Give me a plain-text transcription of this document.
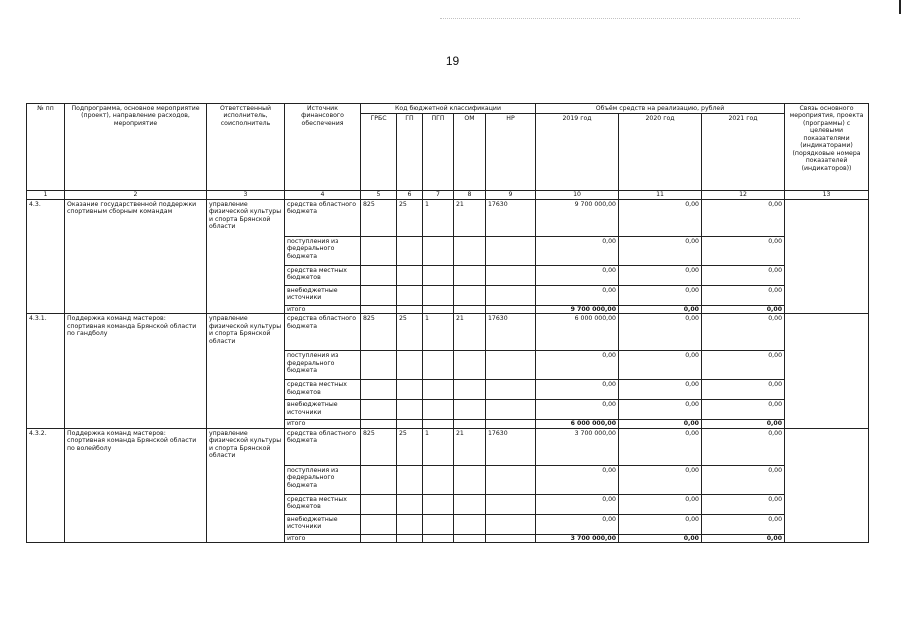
19
№ пп	Подпрограмма, основное мероприятие (проект), направление расходов, мероприятие	Ответственный исполнитель, соисполнитель	Источник финансового обеспечения	Код бюджетной классификации					Объём средств на реализацию, рублей			Связь основного мероприятия, проекта (программы) с целевыми показателями (индикаторами) (порядковые номера показателей (индикаторов))
				ГРБС	ГП	ПГП	ОМ	НР	2019 год	2020 год	2021 год	
1	2	3	4	5	6	7	8	9	10	11	12	13
4.3.	Оказание государственной поддержки спортивным сборным командам	управление физической культуры и спорта Брянской области	средства областного бюджета	825	25	1	21	17630	9 700 000,00	0,00	0,00	
			поступления из федерального бюджета						0,00	0,00	0,00	
			средства местных бюджетов						0,00	0,00	0,00	
			внебюджетные источники						0,00	0,00	0,00	
			итого						9 700 000,00	0,00	0,00	
4.3.1.	Поддержка команд мастеров: спортивная команда Брянской области по гандболу	управление физической культуры и спорта Брянской области	средства областного бюджета	825	25	1	21	17630	6 000 000,00	0,00	0,00	
			поступления из федерального бюджета						0,00	0,00	0,00	
			средства местных бюджетов						0,00	0,00	0,00	
			внебюджетные источники						0,00	0,00	0,00	
			итого						6 000 000,00	0,00	0,00	
4.3.2.	Поддержка команд мастеров: спортивная команда Брянской области по волейболу	управление физической культуры и спорта Брянской области	средства областного бюджета	825	25	1	21	17630	3 700 000,00	0,00	0,00	
			поступления из федерального бюджета						0,00	0,00	0,00	
			средства местных бюджетов						0,00	0,00	0,00	
			внебюджетные источники						0,00	0,00	0,00	
			итого						3 700 000,00	0,00	0,00	
